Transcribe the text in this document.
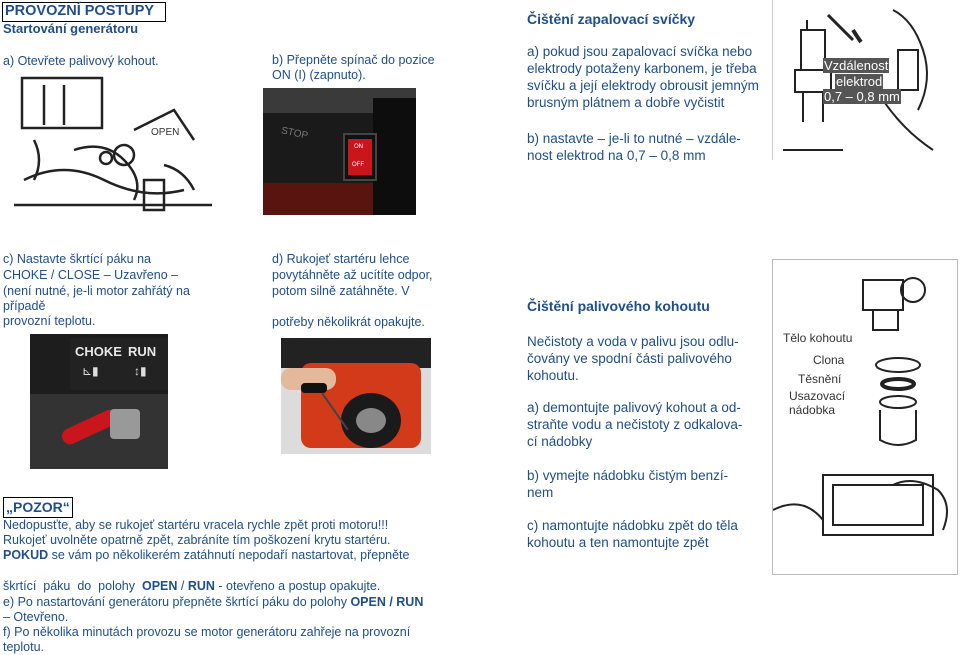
PROVOZNÍ POSTUPY
Startování generátoru
a) Otevřete palivový kohout.	b) Přepněte spínač do pozice
ON (I) (zapnuto).
OPEN	STOP
ON
OFF
Čištění zapalovací svíčky
a) pokud jsou zapalovací svíčka nebo
elektrody potaženy karbonem, je třeba
svíčku a její elektrody obrousit jemným
brusným plátnem a dobře vyčistit
b) nastavte – je-li to nutné – vzdále-
nost elektrod na 0,7 – 0,8 mm
Vzdálenost
elektrod
0,7 – 0,8 mm
c) Nastavte škrtící páku na
CHOKE / CLOSE – Uzavřeno –
(není nutné, je-li motor zahřátý na
případě
provozní teplotu.
CHOKE RUN
⊾▮	↕▮
d) Rukojeť startéru lehce
povytáhněte až ucítíte odpor,
potom silně zatáhněte. V
potřeby několikrát opakujte.
Čištění palivového kohoutu
Nečistoty a voda v palivu jsou odlu-
čovány ve spodní části palivového
kohoutu.
a) demontujte palivový kohout a od-
straňte vodu a nečistoty z odkalova-
cí nádobky
b) vymejte nádobku čistým benzí-
nem
c) namontujte nádobku zpět do těla
kohoutu a ten namontujte zpět
Tělo kohoutu
Clona
Těsnění
Usazovací
nádobka
„POZOR“
Nedopusťte, aby se rukojeť startéru vracela rychle zpět proti motoru!!!
Rukojeť uvolněte opatrně zpět, zabráníte tím poškození krytu startéru.
POKUD se vám po několikerém zatáhnutí nepodaří nastartovat, přepněte

škrtící  páku  do  polohy  OPEN / RUN - otevřeno a postup opakujte.

e) Po nastartování generátoru přepněte škrtící páku do polohy OPEN / RUN
– Otevřeno.
f) Po několika minutách provozu se motor generátoru zahřeje na provozní
teplotu.
